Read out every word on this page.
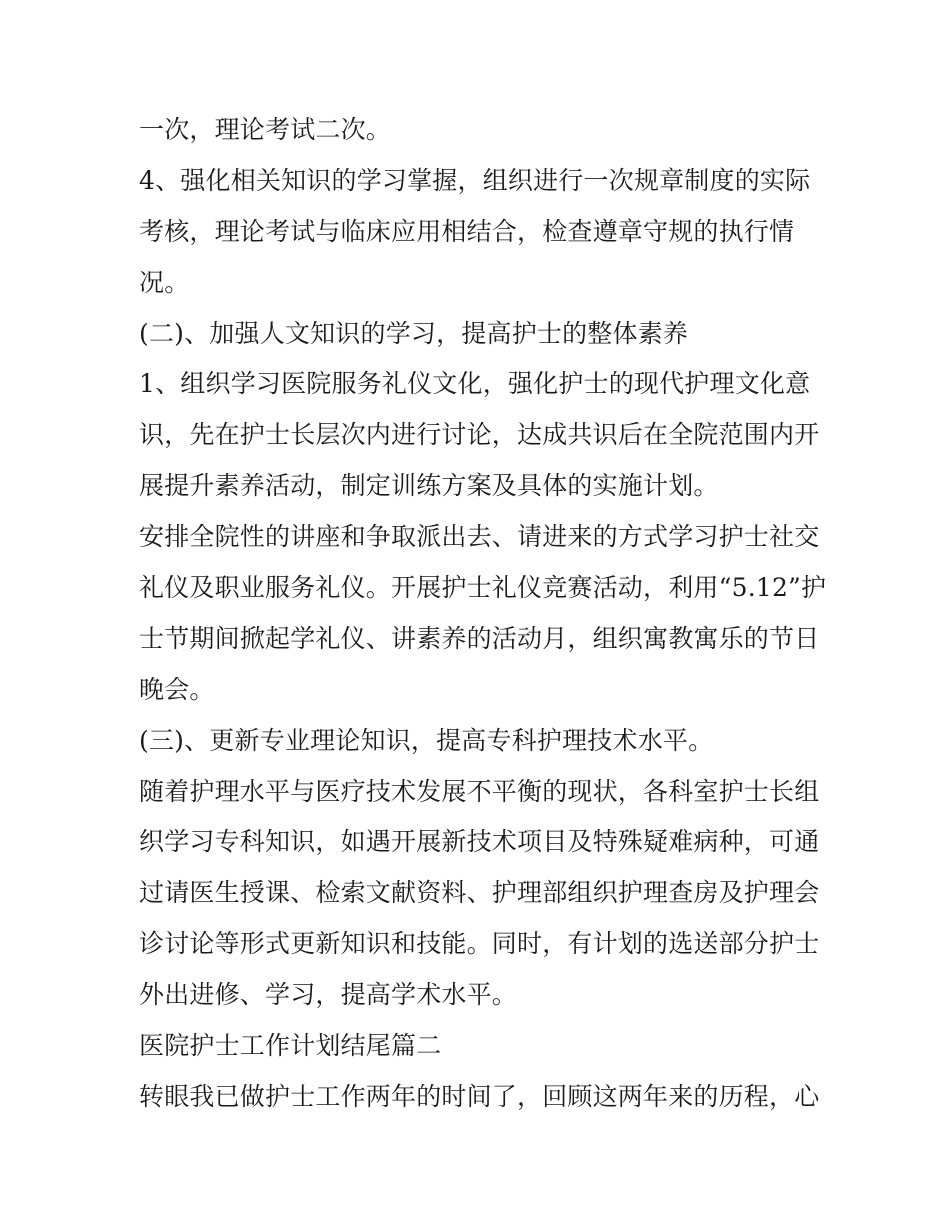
一次，理论考试二次。
4、强化相关知识的学习掌握，组织进行一次规章制度的实际
考核，理论考试与临床应用相结合，检查遵章守规的执行情
况。
(二)、加强人文知识的学习，提高护士的整体素养
1、组织学习医院服务礼仪文化，强化护士的现代护理文化意
识，先在护士长层次内进行讨论，达成共识后在全院范围内开
展提升素养活动，制定训练方案及具体的实施计划。
安排全院性的讲座和争取派出去、请进来的方式学习护士社交
礼仪及职业服务礼仪。开展护士礼仪竞赛活动，利用“5.12”护
士节期间掀起学礼仪、讲素养的活动月，组织寓教寓乐的节日
晚会。
(三)、更新专业理论知识，提高专科护理技术水平。
随着护理水平与医疗技术发展不平衡的现状，各科室护士长组
织学习专科知识，如遇开展新技术项目及特殊疑难病种，可通
过请医生授课、检索文献资料、护理部组织护理查房及护理会
诊讨论等形式更新知识和技能。同时，有计划的选送部分护士
外出进修、学习，提高学术水平。
医院护士工作计划结尾篇二
转眼我已做护士工作两年的时间了，回顾这两年来的历程，心
